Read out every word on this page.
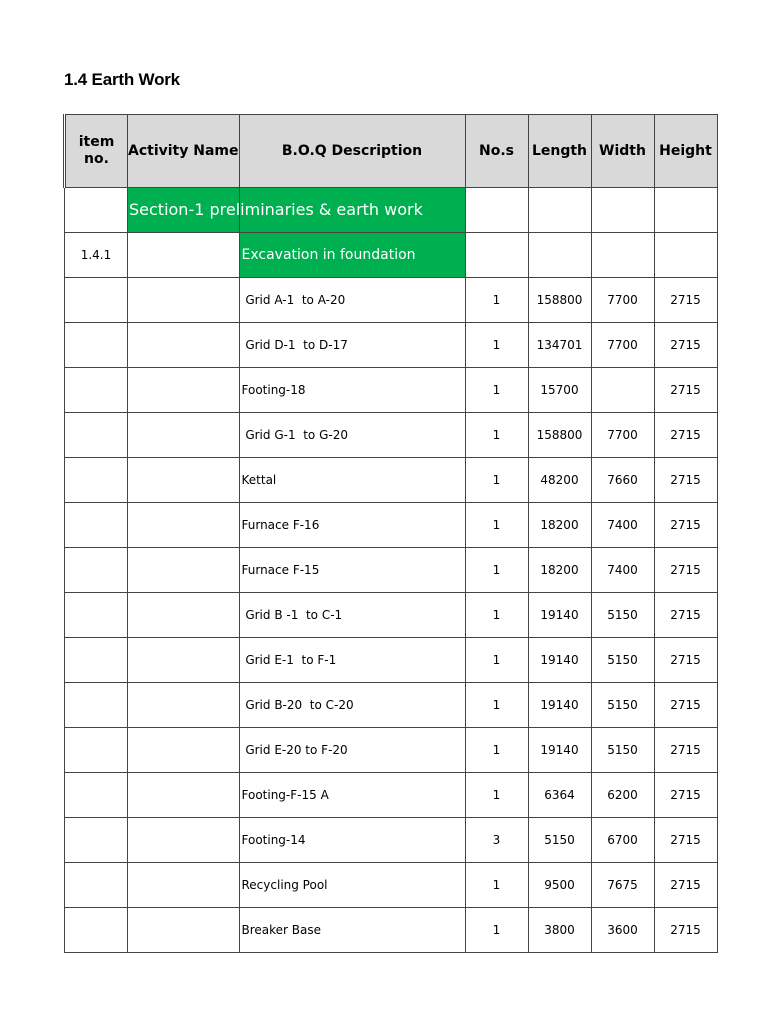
1.4 Earth Work
item no.	Activity Name	B.O.Q Description	No.s	Length	Width	Height

	Section-1 preliminaries & earth work					

1.4.1		Excavation in foundation				
		Grid A-1  to A-20	1	158800	7700	2715
		Grid D-1  to D-17	1	134701	7700	2715
		Footing-18	1	15700		2715
		Grid G-1  to G-20	1	158800	7700	2715
		Kettal	1	48200	7660	2715
		Furnace F-16	1	18200	7400	2715
		Furnace F-15	1	18200	7400	2715
		Grid B -1  to C-1	1	19140	5150	2715
		Grid E-1  to F-1	1	19140	5150	2715
		Grid B-20  to C-20	1	19140	5150	2715
		Grid E-20 to F-20	1	19140	5150	2715
		Footing-F-15 A	1	6364	6200	2715
		Footing-14	3	5150	6700	2715
		Recycling Pool	1	9500	7675	2715
		Breaker Base	1	3800	3600	2715
